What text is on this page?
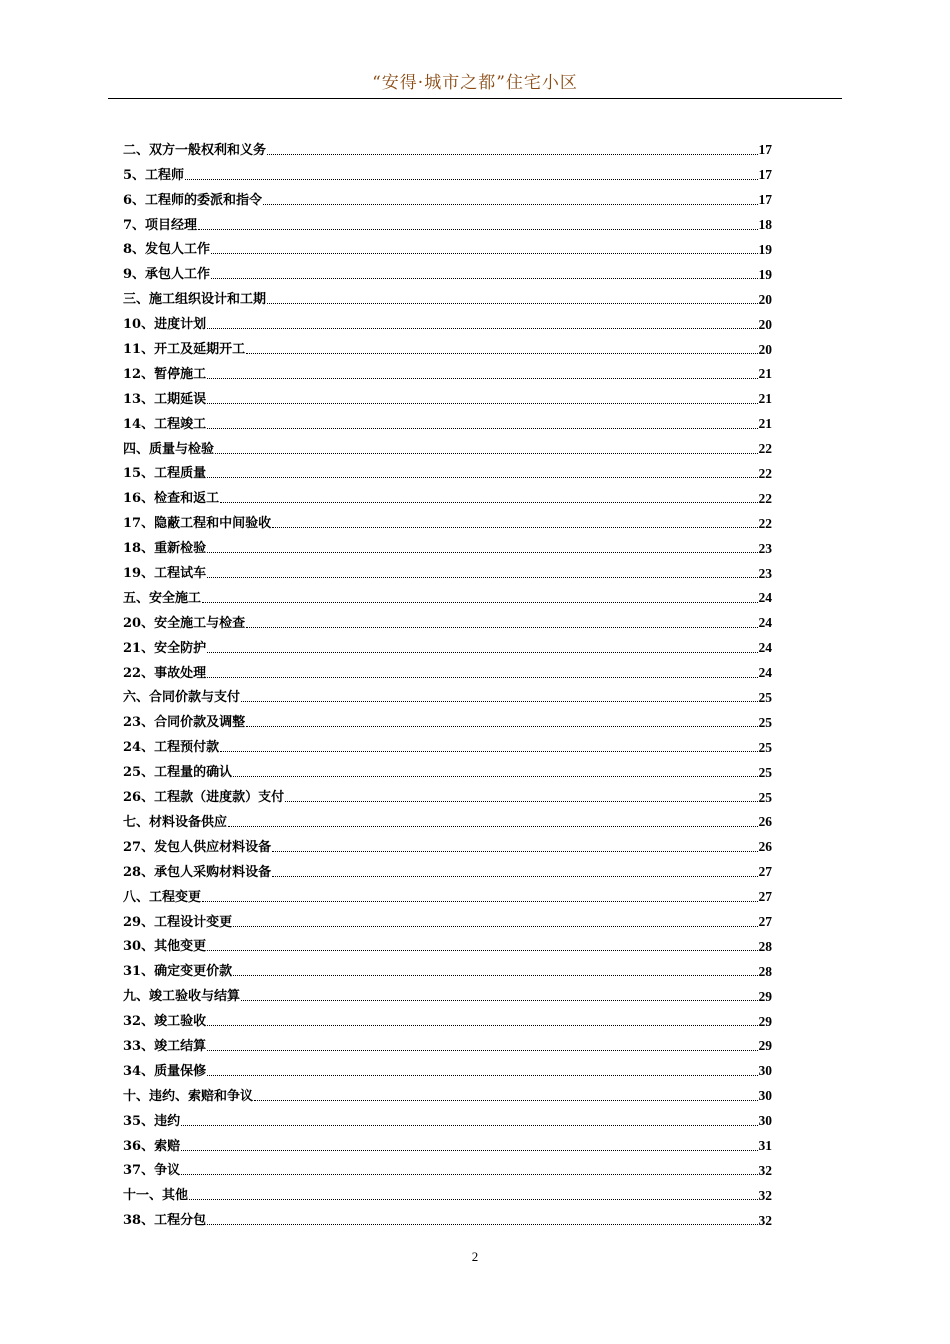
“安得·城市之都”住宅小区
二、双方一般权利和义务	17
5、工程师	17
6、工程师的委派和指令	17
7、项目经理	18
8、发包人工作	19
9、承包人工作	19
三、施工组织设计和工期	20
10、进度计划	20
11、开工及延期开工	20
12、暂停施工	21
13、工期延误	21
14、工程竣工	21
四、质量与检验	22
15、工程质量	22
16、检查和返工	22
17、隐蔽工程和中间验收	22
18、重新检验	23
19、工程试车	23
五、安全施工	24
20、安全施工与检查	24
21、安全防护	24
22、事故处理	24
六、合同价款与支付	25
23、合同价款及调整	25
24、工程预付款	25
25、工程量的确认	25
26、工程款（进度款）支付	25
七、材料设备供应	26
27、发包人供应材料设备	26
28、承包人采购材料设备	27
八、工程变更	27
29、工程设计变更	27
30、其他变更	28
31、确定变更价款	28
九、竣工验收与结算	29
32、竣工验收	29
33、竣工结算	29
34、质量保修	30
十、违约、索赔和争议	30
35、违约	30
36、索赔	31
37、争议	32
十一、其他	32
38、工程分包	32
2
